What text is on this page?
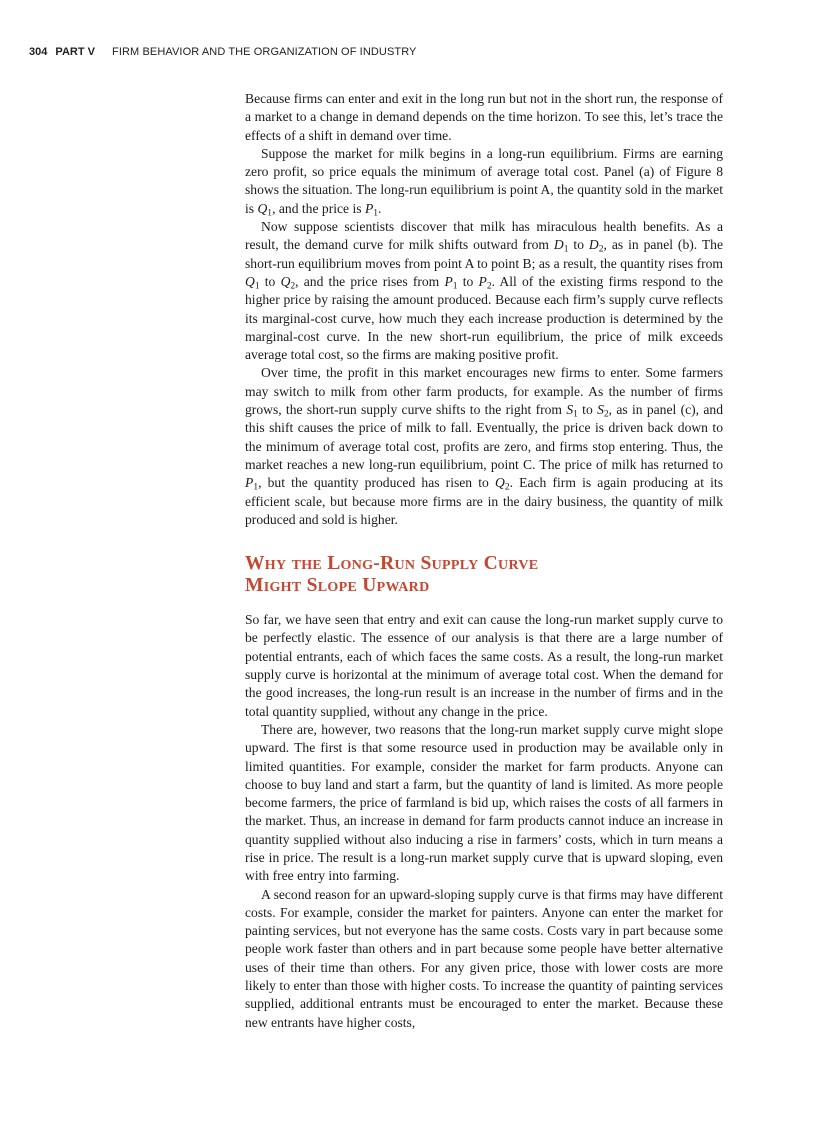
304 PART V FIRM BEHAVIOR AND THE ORGANIZATION OF INDUSTRY

Because firms can enter and exit in the long run but not in the short run, the response of a market to a change in demand depends on the time horizon. To see this, let’s trace the effects of a shift in demand over time.

Suppose the market for milk begins in a long-run equilibrium. Firms are earning zero profit, so price equals the minimum of average total cost. Panel (a) of Figure 8 shows the situation. The long-run equilibrium is point A, the quantity sold in the market is $Q_1$, and the price is $P_1$.

Now suppose scientists discover that milk has miraculous health benefits. As a result, the demand curve for milk shifts outward from $D_1$ to $D_2$, as in panel (b). The short-run equilibrium moves from point A to point B; as a result, the quantity rises from $Q_1$ to $Q_2$, and the price rises from $P_1$ to $P_2$. All of the existing firms respond to the higher price by raising the amount produced. Because each firm’s supply curve reflects its marginal-cost curve, how much they each increase production is determined by the marginal-cost curve. In the new short-run equilibrium, the price of milk exceeds average total cost, so the firms are making positive profit.

Over time, the profit in this market encourages new firms to enter. Some farmers may switch to milk from other farm products, for example. As the number of firms grows, the short-run supply curve shifts to the right from $S_1$ to $S_2$, as in panel (c), and this shift causes the price of milk to fall. Eventually, the price is driven back down to the minimum of average total cost, profits are zero, and firms stop entering. Thus, the market reaches a new long-run equilibrium, point C. The price of milk has returned to $P_1$, but the quantity produced has risen to $Q_2$. Each firm is again producing at its efficient scale, but because more firms are in the dairy business, the quantity of milk produced and sold is higher.

Why the Long-Run Supply Curve
Might Slope Upward

So far, we have seen that entry and exit can cause the long-run market supply curve to be perfectly elastic. The essence of our analysis is that there are a large number of potential entrants, each of which faces the same costs. As a result, the long-run market supply curve is horizontal at the minimum of average total cost. When the demand for the good increases, the long-run result is an increase in the number of firms and in the total quantity supplied, without any change in the price.

There are, however, two reasons that the long-run market supply curve might slope upward. The first is that some resource used in production may be available only in limited quantities. For example, consider the market for farm products. Anyone can choose to buy land and start a farm, but the quantity of land is limited. As more people become farmers, the price of farmland is bid up, which raises the costs of all farmers in the market. Thus, an increase in demand for farm products cannot induce an increase in quantity supplied without also inducing a rise in farmers’ costs, which in turn means a rise in price. The result is a long-run market supply curve that is upward sloping, even with free entry into farming.

A second reason for an upward-sloping supply curve is that firms may have different costs. For example, consider the market for painters. Anyone can enter the market for painting services, but not everyone has the same costs. Costs vary in part because some people work faster than others and in part because some people have better alternative uses of their time than others. For any given price, those with lower costs are more likely to enter than those with higher costs. To increase the quantity of painting services supplied, additional entrants must be encouraged to enter the market. Because these new entrants have higher costs,
